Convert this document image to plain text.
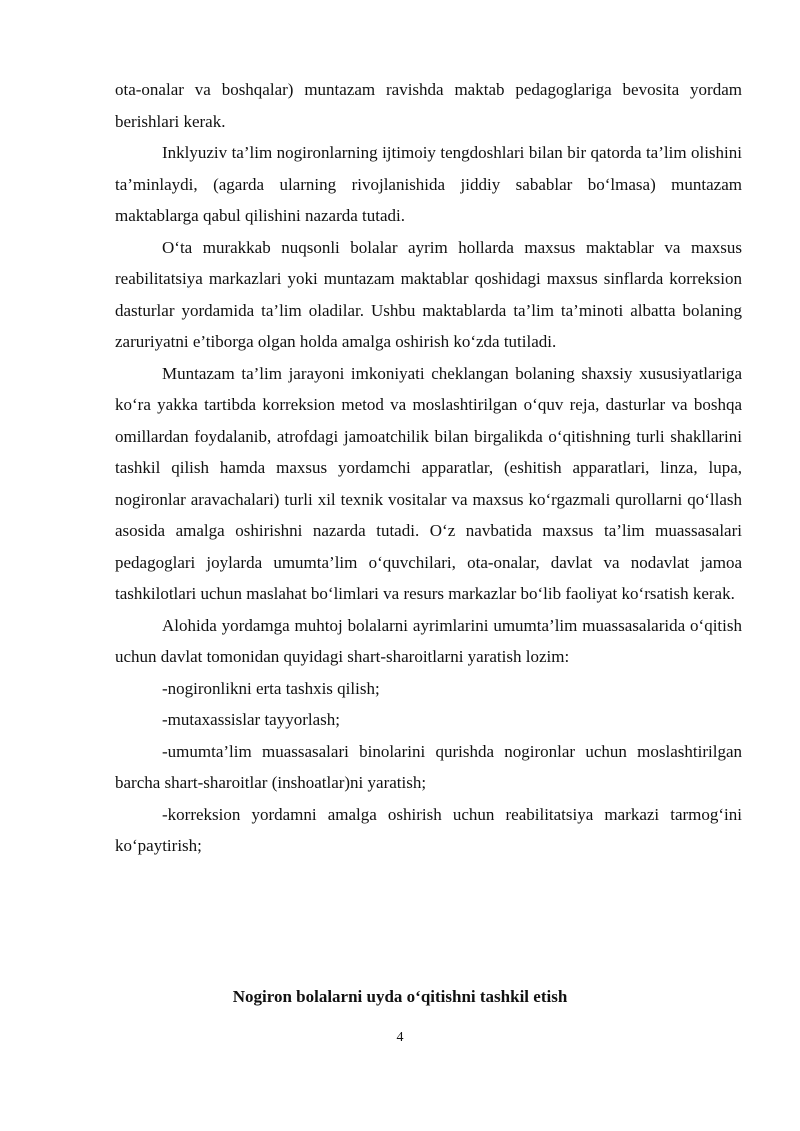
ota-onalar va boshqalar) muntazam ravishda maktab pedagoglariga bevosita yordam berishlari kerak.

Inklyuziv ta’lim nogironlarning ijtimoiy tengdoshlari bilan bir qatorda ta’lim olishini ta’minlaydi, (agarda ularning rivojlanishida jiddiy sabablar bo‘lmasa) muntazam maktablarga qabul qilishini nazarda tutadi.

O‘ta murakkab nuqsonli bolalar ayrim hollarda maxsus maktablar va maxsus reabilitatsiya markazlari yoki muntazam maktablar qoshidagi maxsus sinflarda korreksion dasturlar yordamida ta’lim oladilar. Ushbu maktablarda ta’lim ta’minoti albatta bolaning zaruriyatni e’tiborga olgan holda amalga oshirish ko‘zda tutiladi.

Muntazam ta’lim jarayoni imkoniyati cheklangan bolaning shaxsiy xususiyatlariga ko‘ra yakka tartibda korreksion metod va moslashtirilgan o‘quv reja, dasturlar va boshqa omillardan foydalanib, atrofdagi jamoatchilik bilan birgalikda o‘qitishning turli shakllarini tashkil qilish hamda maxsus yordamchi apparatlar, (eshitish apparatlari, linza, lupa, nogironlar aravachalari) turli xil texnik vositalar va maxsus ko‘rgazmali qurollarni qo‘llash asosida amalga oshirishni nazarda tutadi. O‘z navbatida maxsus ta’lim muassasalari pedagoglari joylarda umumta’lim o‘quvchilari, ota-onalar, davlat va nodavlat jamoa tashkilotlari uchun maslahat bo‘limlari va resurs markazlar bo‘lib faoliyat ko‘rsatish kerak.

Alohida yordamga muhtoj bolalarni ayrimlarini umumta’lim muassasalarida o‘qitish uchun davlat tomonidan quyidagi shart-sharoitlarni yaratish lozim:

-nogironlikni erta tashxis qilish;

-mutaxassislar tayyorlash;

-umumta’lim muassasalari binolarini qurishda nogironlar uchun moslashtirilgan barcha shart-sharoitlar (inshoatlar)ni yaratish;

-korreksion yordamni amalga oshirish uchun reabilitatsiya markazi tarmog‘ini ko‘paytirish;

Nogiron bolalarni uyda o‘qitishni tashkil etish
4
